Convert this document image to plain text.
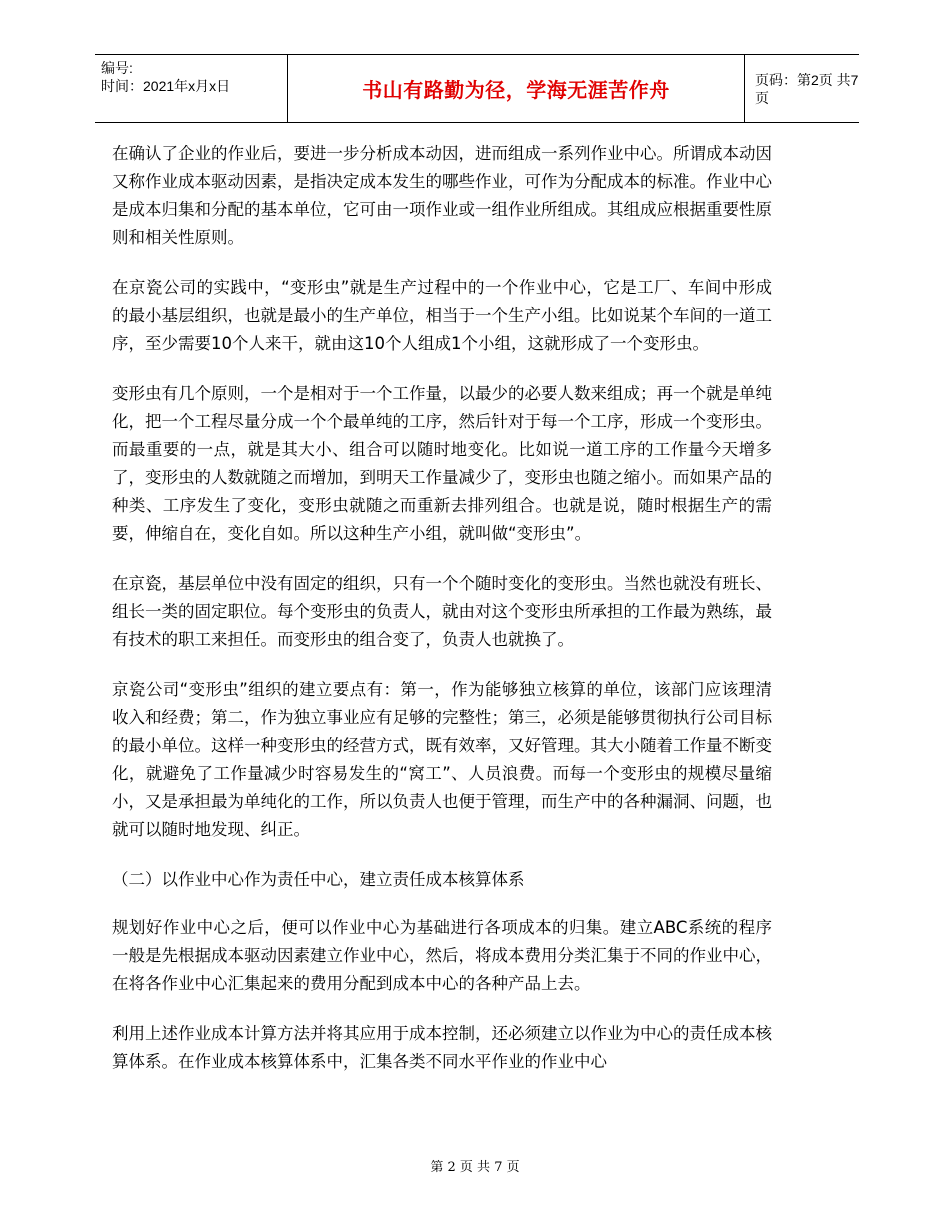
编号:
时间：2021年x月x日	书山有路勤为径，学海无涯苦作舟	页码：第2页 共7页

在确认了企业的作业后，要进一步分析成本动因，进而组成一系列作业中心。所谓成本动因又称作业成本驱动因素，是指决定成本发生的哪些作业，可作为分配成本的标准。作业中心是成本归集和分配的基本单位，它可由一项作业或一组作业所组成。其组成应根据重要性原则和相关性原则。

在京瓷公司的实践中，“变形虫”就是生产过程中的一个作业中心，它是工厂、车间中形成的最小基层组织，也就是最小的生产单位，相当于一个生产小组。比如说某个车间的一道工序，至少需要10个人来干，就由这10个人组成1个小组，这就形成了一个变形虫。

变形虫有几个原则，一个是相对于一个工作量，以最少的必要人数来组成；再一个就是单纯化，把一个工程尽量分成一个个最单纯的工序，然后针对于每一个工序，形成一个变形虫。而最重要的一点，就是其大小、组合可以随时地变化。比如说一道工序的工作量今天增多了，变形虫的人数就随之而增加，到明天工作量减少了，变形虫也随之缩小。而如果产品的种类、工序发生了变化，变形虫就随之而重新去排列组合。也就是说，随时根据生产的需要，伸缩自在，变化自如。所以这种生产小组，就叫做“变形虫”。

在京瓷，基层单位中没有固定的组织，只有一个个随时变化的变形虫。当然也就没有班长、组长一类的固定职位。每个变形虫的负责人，就由对这个变形虫所承担的工作最为熟练，最有技术的职工来担任。而变形虫的组合变了，负责人也就换了。

京瓷公司“变形虫”组织的建立要点有：第一，作为能够独立核算的单位，该部门应该理清收入和经费；第二，作为独立事业应有足够的完整性；第三，必须是能够贯彻执行公司目标的最小单位。这样一种变形虫的经营方式，既有效率，又好管理。其大小随着工作量不断变化，就避免了工作量减少时容易发生的“窝工”、人员浪费。而每一个变形虫的规模尽量缩小，又是承担最为单纯化的工作，所以负责人也便于管理，而生产中的各种漏洞、问题，也就可以随时地发现、纠正。

（二）以作业中心作为责任中心，建立责任成本核算体系

规划好作业中心之后，便可以作业中心为基础进行各项成本的归集。建立ABC系统的程序一般是先根据成本驱动因素建立作业中心，然后，将成本费用分类汇集于不同的作业中心，在将各作业中心汇集起来的费用分配到成本中心的各种产品上去。

利用上述作业成本计算方法并将其应用于成本控制，还必须建立以作业为中心的责任成本核算体系。在作业成本核算体系中，汇集各类不同水平作业的作业中心

第 2 页 共 7 页
